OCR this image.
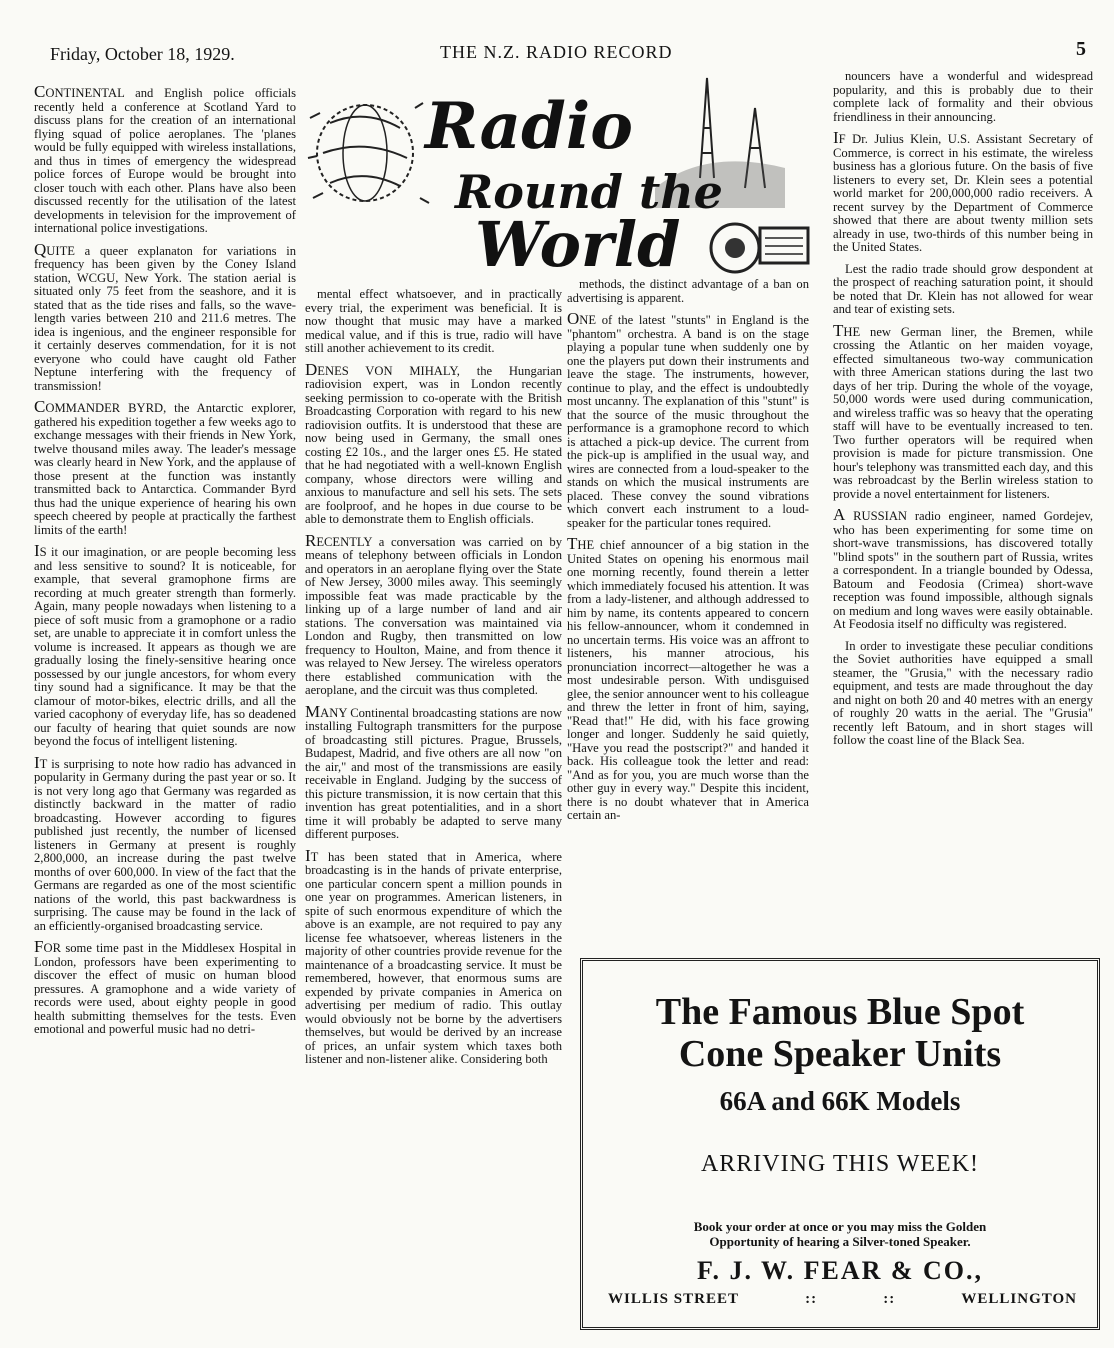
Friday, October 18, 1929.	THE N.Z. RADIO RECORD	5
Radio
Round the
World

CONTINENTAL and English police officials recently held a conference at Scotland Yard to discuss plans for the creation of an international flying squad of police aeroplanes. The 'planes would be fully equipped with wireless installations, and thus in times of emergency the widespread police forces of Europe would be brought into closer touch with each other. Plans have also been discussed recently for the utilisation of the latest developments in television for the improvement of international police investigations.

QUITE a queer explanaton for variations in frequency has been given by the Coney Island station, WCGU, New York. The station aerial is situated only 75 feet from the seashore, and it is stated that as the tide rises and falls, so the wave-length varies between 210 and 211.6 metres. The idea is ingenious, and the engineer responsible for it certainly deserves commendation, for it is not everyone who could have caught old Father Neptune interfering with the frequency of transmission!

COMMANDER BYRD, the Antarctic explorer, gathered his expedition together a few weeks ago to exchange messages with their friends in New York, twelve thousand miles away. The leader's message was clearly heard in New York, and the applause of those present at the function was instantly transmitted back to Antarctica. Commander Byrd thus had the unique experience of hearing his own speech cheered by people at practically the farthest limits of the earth!

IS it our imagination, or are people becoming less and less sensitive to sound? It is noticeable, for example, that several gramophone firms are recording at much greater strength than formerly. Again, many people nowadays when listening to a piece of soft music from a gramophone or a radio set, are unable to appreciate it in comfort unless the volume is increased. It appears as though we are gradually losing the finely-sensitive hearing once possessed by our jungle ancestors, for whom every tiny sound had a significance. It may be that the clamour of motor-bikes, electric drills, and all the varied cacophony of everyday life, has so deadened our faculty of hearing that quiet sounds are now beyond the focus of intelligent listening.

IT is surprising to note how radio has advanced in popularity in Germany during the past year or so. It is not very long ago that Germany was regarded as distinctly backward in the matter of radio broadcasting. However according to figures published just recently, the number of licensed listeners in Germany at present is roughly 2,800,000, an increase during the past twelve months of over 600,000. In view of the fact that the Germans are regarded as one of the most scientific nations of the world, this past backwardness is surprising. The cause may be found in the lack of an efficiently-organised broadcasting service.

FOR some time past in the Middlesex Hospital in London, professors have been experimenting to discover the effect of music on human blood pressures. A gramophone and a wide variety of records were used, about eighty people in good health submitting themselves for the tests. Even emotional and powerful music had no detri-

mental effect whatsoever, and in practically every trial, the experiment was beneficial. It is now thought that music may have a marked medical value, and if this is true, radio will have still another achievement to its credit.

DENES VON MIHALY, the Hungarian radiovision expert, was in London recently seeking permission to co-operate with the British Broadcasting Corporation with regard to his new radiovision outfits. It is understood that these are now being used in Germany, the small ones costing £2 10s., and the larger ones £5. He stated that he had negotiated with a well-known English company, whose directors were willing and anxious to manufacture and sell his sets. The sets are foolproof, and he hopes in due course to be able to demonstrate them to English officials.

RECENTLY a conversation was carried on by means of telephony between officials in London and operators in an aeroplane flying over the State of New Jersey, 3000 miles away. This seemingly impossible feat was made practicable by the linking up of a large number of land and air stations. The conversation was maintained via London and Rugby, then transmitted on low frequency to Houlton, Maine, and from thence it was relayed to New Jersey. The wireless operators there established communication with the aeroplane, and the circuit was thus completed.

MANY Continental broadcasting stations are now installing Fultograph transmitters for the purpose of broadcasting still pictures. Prague, Brussels, Budapest, Madrid, and five others are all now "on the air," and most of the transmissions are easily receivable in England. Judging by the success of this picture transmission, it is now certain that this invention has great potentialities, and in a short time it will probably be adapted to serve many different purposes.

IT has been stated that in America, where broadcasting is in the hands of private enterprise, one particular concern spent a million pounds in one year on programmes. American listeners, in spite of such enormous expenditure of which the above is an example, are not required to pay any license fee whatsoever, whereas listeners in the majority of other countries provide revenue for the maintenance of a broadcasting service. It must be remembered, however, that enormous sums are expended by private companies in America on advertising per medium of radio. This outlay would obviously not be borne by the advertisers themselves, but would be derived by an increase of prices, an unfair system which taxes both listener and non-listener alike. Considering both

methods, the distinct advantage of a ban on advertising is apparent.

ONE of the latest "stunts" in England is the "phantom" orchestra. A band is on the stage playing a popular tune when suddenly one by one the players put down their instruments and leave the stage. The instruments, however, continue to play, and the effect is undoubtedly most uncanny. The explanation of this "stunt" is that the source of the music throughout the performance is a gramophone record to which is attached a pick-up device. The current from the pick-up is amplified in the usual way, and wires are connected from a loud-speaker to the stands on which the musical instruments are placed. These convey the sound vibrations which convert each instrument to a loud-speaker for the particular tones required.

THE chief announcer of a big station in the United States on opening his enormous mail one morning recently, found therein a letter which immediately focused his attention. It was from a lady-listener, and although addressed to him by name, its contents appeared to concern his fellow-announcer, whom it condemned in no uncertain terms. His voice was an affront to listeners, his manner atrocious, his pronunciation incorrect—altogether he was a most undesirable person. With undisguised glee, the senior announcer went to his colleague and threw the letter in front of him, saying, "Read that!" He did, with his face growing longer and longer. Suddenly he said quietly, "Have you read the postscript?" and handed it back. His colleague took the letter and read: "And as for you, you are much worse than the other guy in every way." Despite this incident, there is no doubt whatever that in America certain an-

nouncers have a wonderful and widespread popularity, and this is probably due to their complete lack of formality and their obvious friendliness in their announcing.

IF Dr. Julius Klein, U.S. Assistant Secretary of Commerce, is correct in his estimate, the wireless business has a glorious future. On the basis of five listeners to every set, Dr. Klein sees a potential world market for 200,000,000 radio receivers. A recent survey by the Department of Commerce showed that there are about twenty million sets already in use, two-thirds of this number being in the United States.

Lest the radio trade should grow despondent at the prospect of reaching saturation point, it should be noted that Dr. Klein has not allowed for wear and tear of existing sets.

THE new German liner, the Bremen, while crossing the Atlantic on her maiden voyage, effected simultaneous two-way communication with three American stations during the last two days of her trip. During the whole of the voyage, 50,000 words were used during communication, and wireless traffic was so heavy that the operating staff will have to be eventually increased to ten. Two further operators will be required when provision is made for picture transmission. One hour's telephony was transmitted each day, and this was rebroadcast by the Berlin wireless station to provide a novel entertainment for listeners.

A RUSSIAN radio engineer, named Gordejev, who has been experimenting for some time on short-wave transmissions, has discovered totally "blind spots" in the southern part of Russia, writes a correspondent. In a triangle bounded by Odessa, Batoum and Feodosia (Crimea) short-wave reception was found impossible, although signals on medium and long waves were easily obtainable. At Feodosia itself no difficulty was registered.

In order to investigate these peculiar conditions the Soviet authorities have equipped a small steamer, the "Grusia," with the necessary radio equipment, and tests are made throughout the day and night on both 20 and 40 metres with an energy of roughly 20 watts in the aerial. The "Grusia" recently left Batoum, and in short stages will follow the coast line of the Black Sea.

The Famous Blue Spot
Cone Speaker Units
66A and 66K Models
ARRIVING THIS WEEK!
Book your order at once or you may miss the Golden
Opportunity of hearing a Silver-toned Speaker.
F. J. W. FEAR & CO.,
WILLIS STREET	::	::	WELLINGTON
